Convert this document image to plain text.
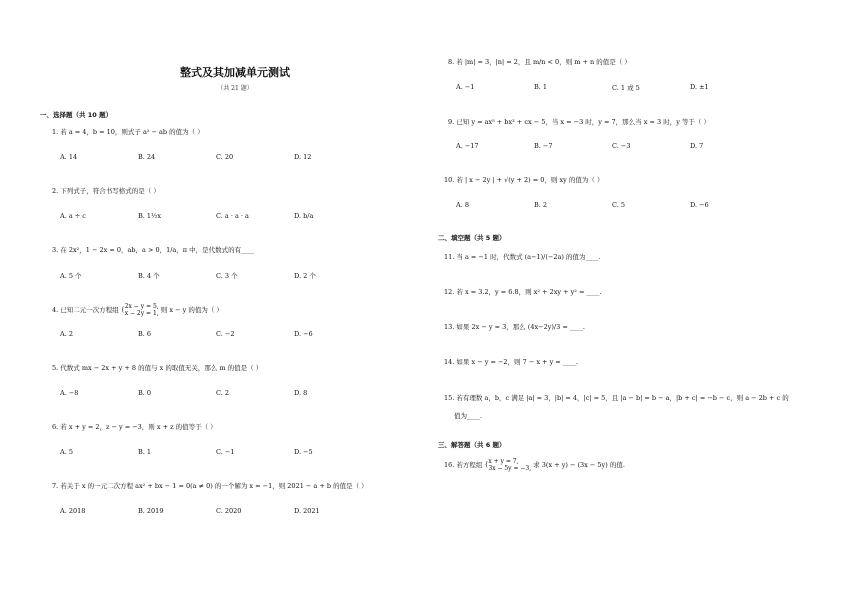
整式及其加减单元测试
（共 21 题）
一、选择题（共 10 题）
1. 若 a = 4，b = 10，则式子 a² − ab 的值为（ ）
A. 14	B. 24	C. 20	D. 12
2. 下列式子，符合书写格式的是（ ）
A. a ÷ c	B. 1½x	C. a · a · a	D. b/a
3. 在 2x²，1 − 2x = 0，ab，a > 0，1/a，π 中，是代数式的有____
A. 5 个	B. 4 个	C. 3 个	D. 2 个
4. 已知二元一次方程组 { 2x − y = 5,
x − 2y = 1, 则 x − y 的值为（ ）
A. 2	B. 6	C. −2	D. −6
5. 代数式 mx − 2x + y + 8 的值与 x 的取值无关，那么 m 的值是（ ）
A. −8	B. 0	C. 2	D. 8
6. 若 x + y = 2，z − y = −3，则 x + z 的值等于（ ）
A. 5	B. 1	C. −1	D. −5
7. 若关于 x 的一元二次方程 ax² + bx − 1 = 0(a ≠ 0) 的一个解为 x = −1，则 2021 − a + b 的值是（ ）
A. 2018	B. 2019	C. 2020	D. 2021
8. 若 |m| = 3，|n| = 2，且 m/n < 0，则 m + n 的值是（ ）
A. −1	B. 1	C. 1 或 5	D. ±1
9. 已知 y = ax⁵ + bx³ + cx − 5，当 x = −3 时，y = 7，那么当 x = 3 时，y 等于（ ）
A. −17	B. −7	C. −3	D. 7
10. 若 | x − 2y | + √(y + 2) = 0，则 xy 的值为（ ）
A. 8	B. 2	C. 5	D. −6
二、填空题（共 5 题）
11. 当 a = −1 时，代数式 (a−1)/(−2a) 的值为____.
12. 若 x = 3.2，y = 6.8，则 x² + 2xy + y² = ____.
13. 如果 2x − y = 3，那么 (4x−2y)/3 = ____.
14. 如果 x − y = −2，则 7 − x + y = ____.
15. 若有理数 a，b，c 满足 |a| = 3，|b| = 4，|c| = 5，且 |a − b| = b − a，|b + c| = −b − c，则 a − 2b + c 的
值为____.
三、解答题（共 6 题）
16. 若方程组 { x + y = 7,
3x − 5y = −3, 求 3(x + y) − (3x − 5y) 的值.
